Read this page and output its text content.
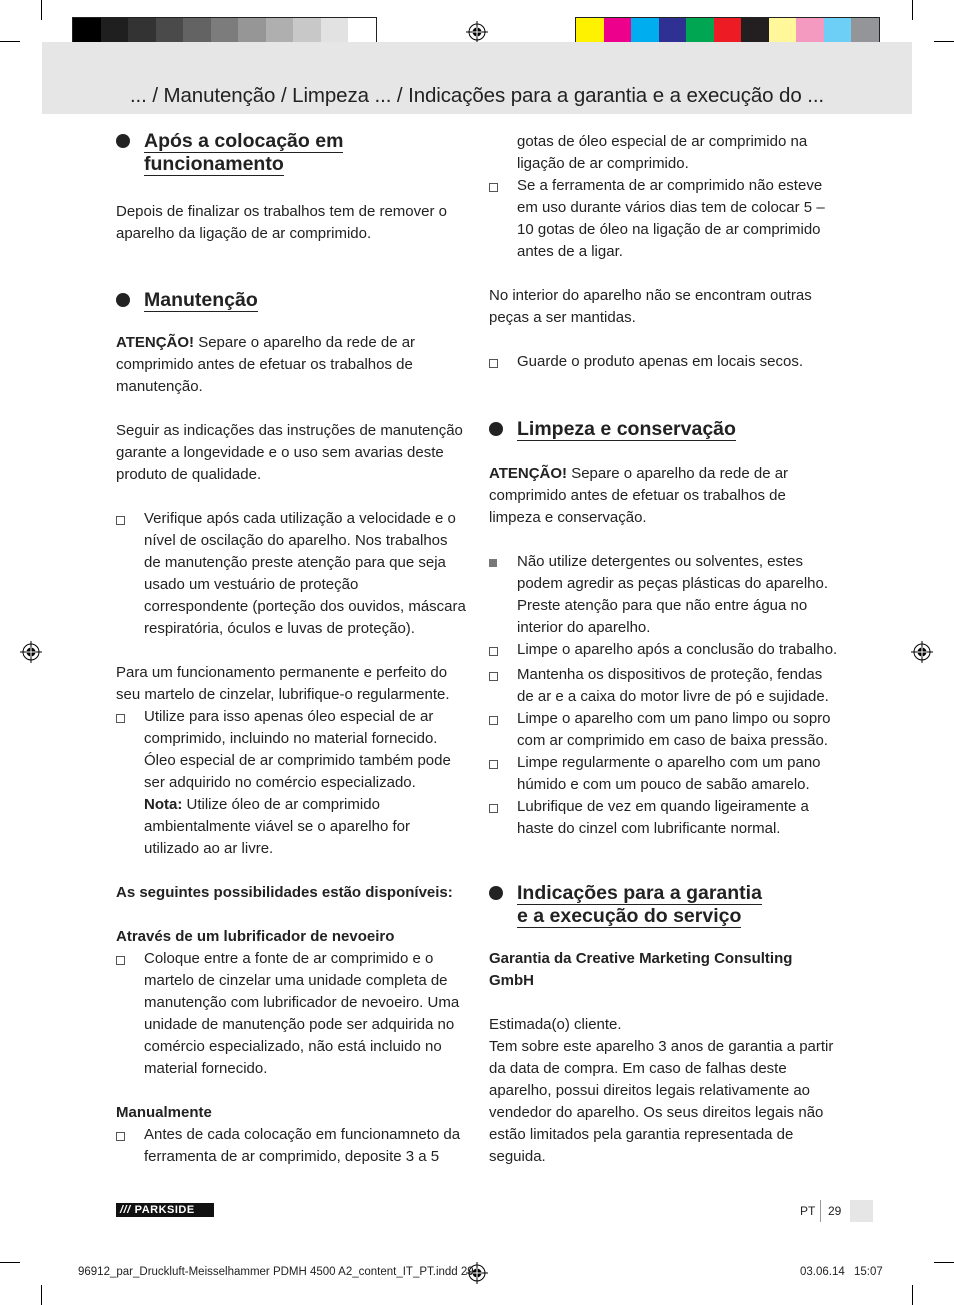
... / Manutenção / Limpeza ... / Indicações para a garantia e a execução do ...
Após a colocação em
funcionamento

Depois de finalizar os trabalhos tem de remover o aparelho da ligação de ar comprimido.

Manutenção

ATENÇÃO! Separe o aparelho da rede de ar comprimido antes de efetuar os trabalhos de manutenção.

Seguir as indicações das instruções de manutenção garante a longevidade e o uso sem avarias deste produto de qualidade.

Verifique após cada utilização a velocidade e o nível de oscilação do aparelho. Nos trabalhos de manutenção preste atenção para que seja usado um vestuário de proteção correspondente (porteção dos ouvidos, máscara respiratória, óculos e luvas de proteção).

Para um funcionamento permanente e perfeito do seu martelo de cinzelar, lubrifique-o regularmente.

Utilize para isso apenas óleo especial de ar comprimido, incluindo no material fornecido. Óleo especial de ar comprimido também pode ser adquirido no comércio especializado.
Nota: Utilize óleo de ar comprimido ambientalmente viável se o aparelho for utilizado ao ar livre.

As seguintes possibilidades estão disponíveis:

Através de um lubrificador de nevoeiro

Coloque entre a fonte de ar comprimido e o martelo de cinzelar uma unidade completa de manutenção com lubrificador de nevoeiro. Uma unidade de manutenção pode ser adquirida no comércio especializado, não está incluido no material fornecido.

Manualmente

Antes de cada colocação em funcionamneto da ferramenta de ar comprimido, deposite 3 a 5
gotas de óleo especial de ar comprimido na ligação de ar comprimido.
Se a ferramenta de ar comprimido não esteve em uso durante vários dias tem de colocar 5 – 10 gotas de óleo na ligação de ar comprimido antes de a ligar.

No interior do aparelho não se encontram outras peças a ser mantidas.

Guarde o produto apenas em locais secos.
Limpeza e conservação

ATENÇÃO! Separe o aparelho da rede de ar comprimido antes de efetuar os trabalhos de limpeza e conservação.

Não utilize detergentes ou solventes, estes podem agredir as peças plásticas do aparelho. Preste atenção para que não entre água no interior do aparelho.
Limpe o aparelho após a conclusão do trabalho.
Mantenha os dispositivos de proteção, fendas de ar e a caixa do motor livre de pó e sujidade.
Limpe o aparelho com um pano limpo ou sopro com ar comprimido em caso de baixa pressão.
Limpe regularmente o aparelho com um pano húmido e com um pouco de sabão amarelo.
Lubrifique de vez em quando ligeiramente a haste do cinzel com lubrificante normal.
Indicações para a garantia
e a execução do serviço

Garantia da Creative Marketing Consulting GmbH

Estimada(o) cliente.

Tem sobre este aparelho 3 anos de garantia a partir da data de compra. Em caso de falhas deste aparelho, possui direitos legais relativamente ao vendedor do aparelho. Os seus direitos legais não estão limitados pela garantia representada de seguida.

/// PARKSIDE	PT 29
96912_par_Druckluft-Meisselhammer PDMH 4500 A2_content_IT_PT.indd 29	03.06.14 15:07
